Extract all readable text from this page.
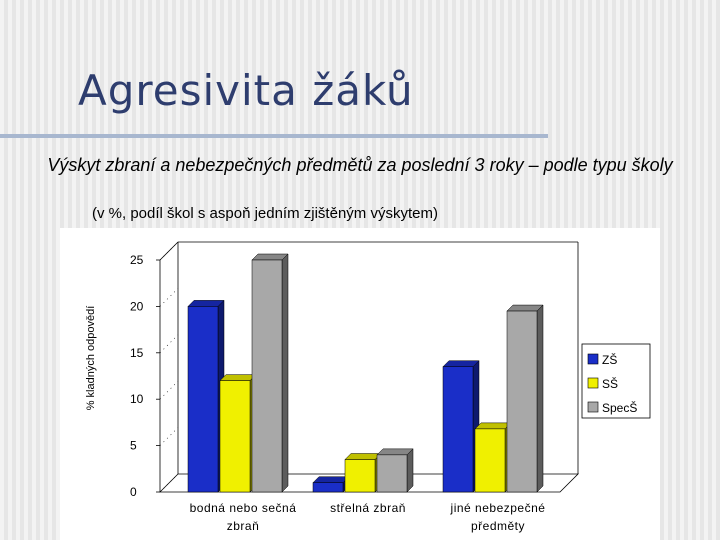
Agresivita žáků
Výskyt zbraní a nebezpečných předmětů za poslední 3 roky – podle typu školy
(v %, podíl škol s aspoň jedním zjištěným výskytem)
0
5
10
15
20
25
% kladných odpovědí
bodná nebo sečná
zbraň
střelná zbraň	jiné nebezpečné
předměty
ZŠ
SŠ
SpecŠ
